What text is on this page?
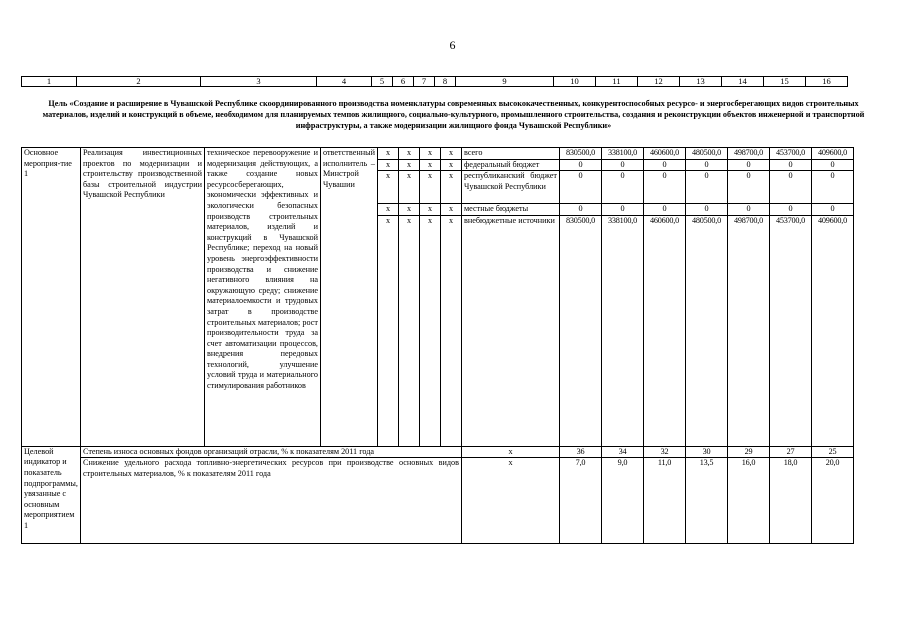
6
1	2	3	4	5	6	7	8	9	10	11	12	13	14	15	16
Цель «Создание и расширение в Чувашской Республике скоординированного производства номенклатуры современных высококачественных, конкурентоспособных ресурсо- и энергосберегающих видов строительных материалов, изделий и конструкций в объеме, необходимом для планируемых темпов жилищного, социально-культурного, промышленного строительства, создания и реконструкции объектов инженерной и транспортной инфраструктуры, а также модернизации жилищного фонда Чувашской Республики»
Основное мероприя-тие 1	Реализация инвестиционных проектов по модернизации и строительству производственной базы строительной индустрии Чувашской Республики	техническое перевооружение и модернизация действующих, а также создание новых ресурсосберегающих, экономически эффективных и экологически безопасных производств строительных материалов, изделий и конструкций в Чувашской Республике; переход на новый уровень энергоэффективности производства и снижение негативного влияния на окружающую среду; снижение материалоемкости и трудовых затрат в производстве строительных материалов; рост производительности труда за счет автоматизации процессов, внедрения передовых технологий, улучшение условий труда и материального стимулирования работников	ответственный исполнитель – Минстрой Чувашии	x	x	x	x	всего	830500,0	338100,0	460600,0	480500,0	498700,0	453700,0	409600,0
				x	x	x	x	федеральный бюджет	0	0	0	0	0	0	0
				x	x	x	x	республиканский бюджет Чувашской Республики	0	0	0	0	0	0	0
				x	x	x	x	местные бюджеты	0	0	0	0	0	0	0
				x	x	x	x	внебюджетные источники	830500,0	338100,0	460600,0	480500,0	498700,0	453700,0	409600,0
Целевой индикатор и показатель подпрограммы, увязанные с основным мероприятием 1	Степень износа основных фондов организаций отрасли, % к показателям 2011 года							x	36	34	32	30	29	27	25
	Снижение удельного расхода топливно-энергетических ресурсов при производстве основных видов строительных материалов, % к показателям 2011 года							x	7,0	9,0	11,0	13,5	16,0	18,0	20,0
